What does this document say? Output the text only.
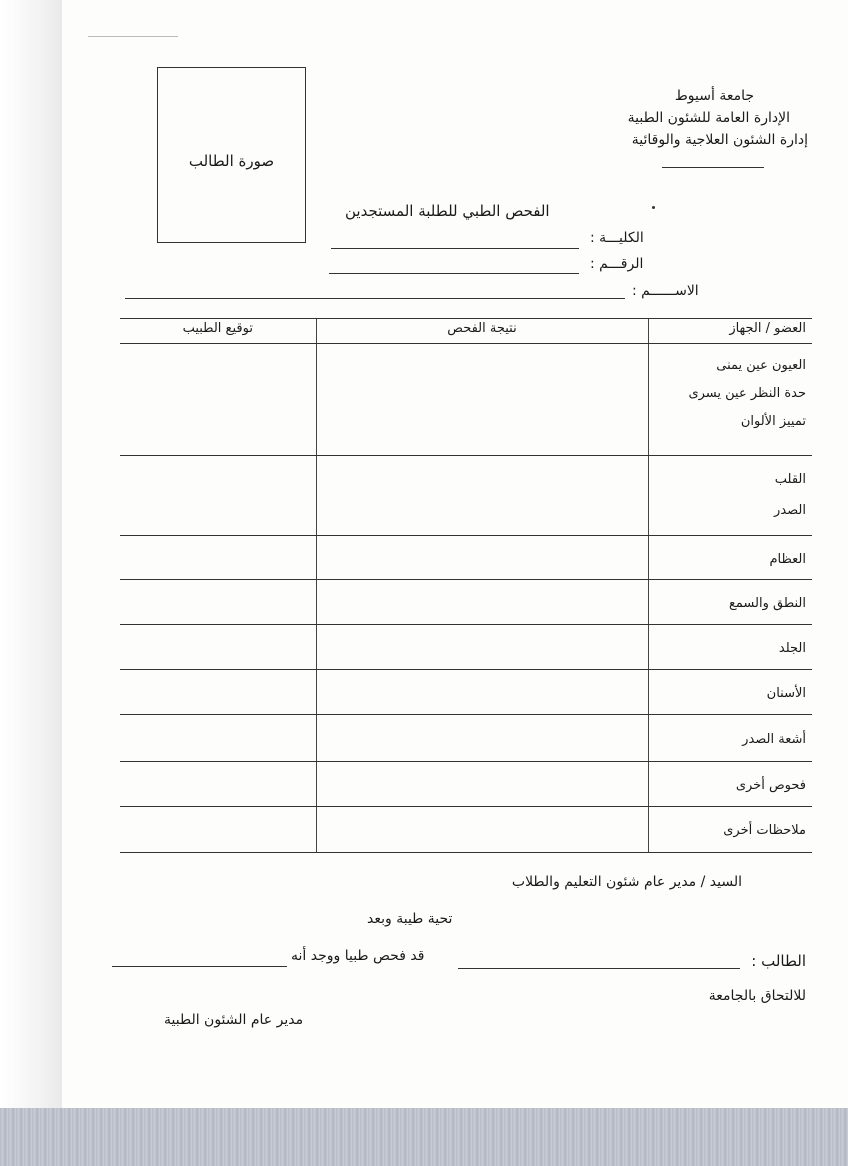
جامعة أسيوط
الإدارة العامة للشئون الطبية
إدارة الشئون العلاجية والوقائية
صورة الطالب
الفحص الطبي للطلبة المستجدين
الكليـــة :
الرقـــم :
الاســــــم :
توقيع الطبيب	نتيجة الفحص	العضو / الجهاز

		العيون عين يمنى
حدة النظر عين يسرى
تمييز الألوان

		القلب
الصدر

		العظام

		النطق والسمع

		الجلد

		الأسنان

		أشعة الصدر

		فحوص أخرى

		ملاحظات أخرى
السيد / مدير عام شئون التعليم والطلاب
تحية طيبة وبعد
الطالب :
قد فحص طبيا ووجد أنه
للالتحاق بالجامعة
مدير عام الشئون الطبية
